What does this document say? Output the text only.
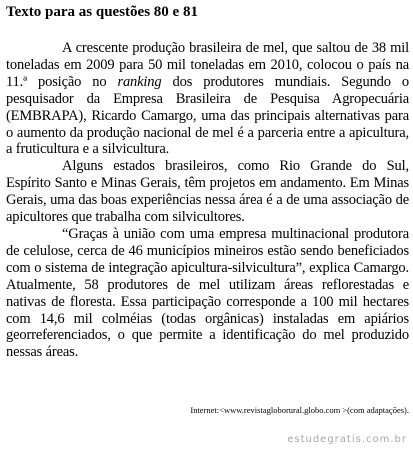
Texto para as questões 80 e 81

A crescente produção brasileira de mel, que saltou de 38 mil toneladas em 2009 para 50 mil toneladas em 2010, colocou o país na 11.ª posição no ranking dos produtores mundiais. Segundo o pesquisador da Empresa Brasileira de Pesquisa Agropecuária (EMBRAPA), Ricardo Camargo, uma das principais alternativas para o aumento da produção nacional de mel é a parceria entre a apicultura, a fruticultura e a silvicultura.

Alguns estados brasileiros, como Rio Grande do Sul, Espírito Santo e Minas Gerais, têm projetos em andamento. Em Minas Gerais, uma das boas experiências nessa área é a de uma associação de apicultores que trabalha com silvicultores.

“Graças à união com uma empresa multinacional produtora de celulose, cerca de 46 municípios mineiros estão sendo beneficiados com o sistema de integração apicultura-silvicultura”, explica Camargo. Atualmente, 58 produtores de mel utilizam áreas reflorestadas e nativas de floresta. Essa participação corresponde a 100 mil hectares com 14,6 mil colméias (todas orgânicas) instaladas em apiários georreferenciados, o que permite a identificação do mel produzido nessas áreas.

Internet:<www.revistagloborural.globo.com >(com adaptações).
estudegratis.com.br
